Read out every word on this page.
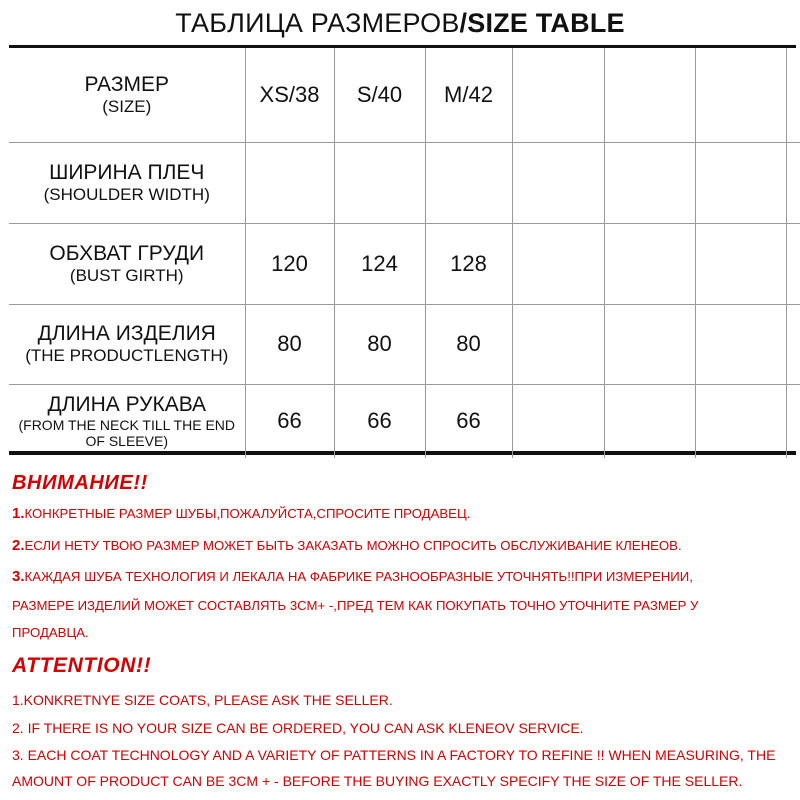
ТАБЛИЦА РАЗМЕРОВ/SIZE TABLE
РАЗМЕР
(SIZE)	XS/38	S/40	M/42				

ШИРИНА ПЛЕЧ
(SHOULDER WIDTH)							

ОБХВАТ ГРУДИ
(BUST GIRTH)	120	124	128				

ДЛИНА ИЗДЕЛИЯ
(THE PRODUCTLENGTH)	80	80	80				

ДЛИНА РУКАВА
(FROM THE NECK TILL THE END OF SLEEVE)	66	66	66				

ВНИМАНИЕ!!

1.КОНКРЕТНЫЕ РАЗМЕР ШУБЫ,ПОЖАЛУЙСТА,СПРОСИТЕ ПРОДАВЕЦ.

2.ЕСЛИ НЕТУ ТВОЮ РАЗМЕР МОЖЕТ БЫТЬ ЗАКАЗАТЬ МОЖНО СПРОСИТЬ ОБСЛУЖИВАНИЕ КЛЕНЕОВ.

3.КАЖДАЯ ШУБА ТЕХНОЛОГИЯ И ЛЕКАЛА НА ФАБРИКЕ РАЗНООБРАЗНЫЕ УТОЧНЯТЬ!!ПРИ ИЗМЕРЕНИИ,

РАЗМЕРЕ ИЗДЕЛИЙ МОЖЕТ СОСТАВЛЯТЬ 3СМ+ -,ПРЕД ТЕМ КАК ПОКУПАТЬ ТОЧНО УТОЧНИТЕ РАЗМЕР У

ПРОДАВЦА.

ATTENTION!!

1.KONKRETNYE SIZE COATS, PLEASE ASK THE SELLER.

2. IF THERE IS NO YOUR SIZE CAN BE ORDERED, YOU CAN ASK KLENEOV SERVICE.

3. EACH COAT TECHNOLOGY AND A VARIETY OF PATTERNS IN A FACTORY TO REFINE !! WHEN MEASURING, THE

AMOUNT OF PRODUCT CAN BE 3CM + - BEFORE THE BUYING EXACTLY SPECIFY THE SIZE OF THE SELLER.
